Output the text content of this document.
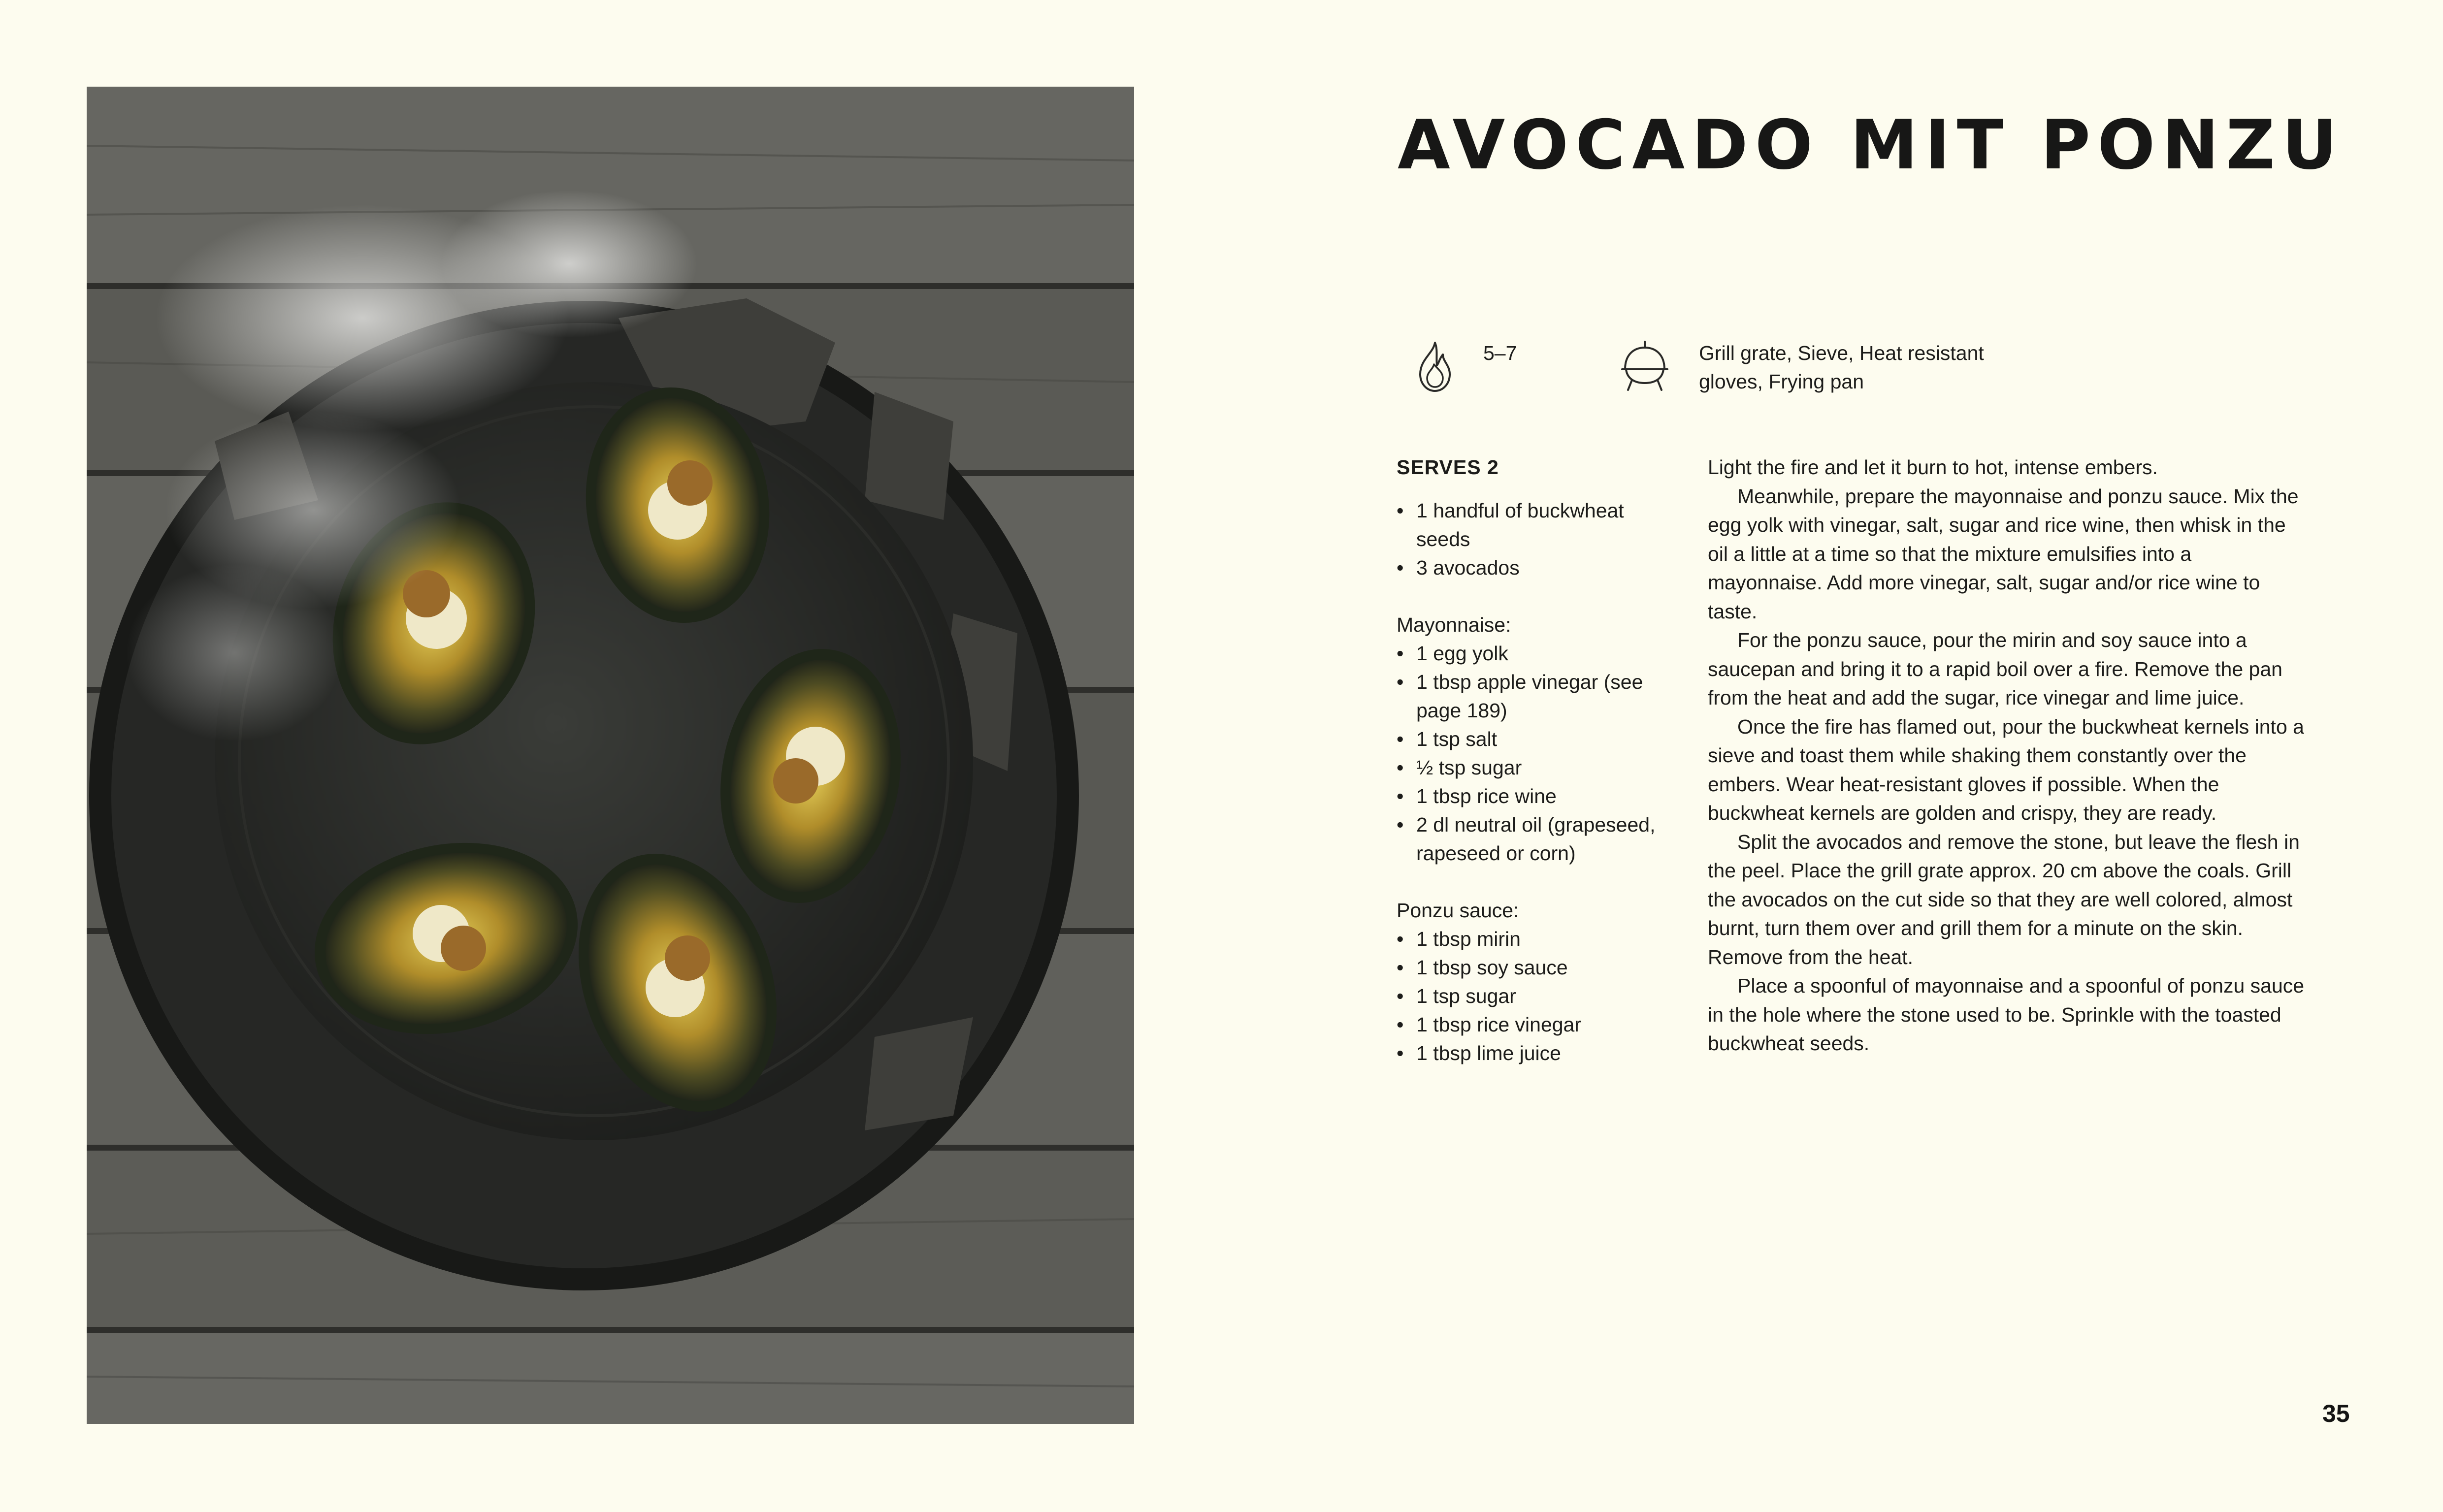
AVOCADO MIT PONZU
5–7	Grill grate, Sieve, Heat resistant gloves, Frying pan

SERVES 2

• 1 handful of buckwheat seeds
• 3 avocados

Mayonnaise:

• 1 egg yolk
• 1 tbsp apple vinegar (see page 189)
• 1 tsp salt
• ½ tsp sugar
• 1 tbsp rice wine
• 2 dl neutral oil (grapeseed, rapeseed or corn)

Ponzu sauce:

• 1 tbsp mirin
• 1 tbsp soy sauce
• 1 tsp sugar
• 1 tbsp rice vinegar
• 1 tbsp lime juice

Light the fire and let it burn to hot, intense embers.

Meanwhile, prepare the mayonnaise and ponzu sauce. Mix the egg yolk with vinegar, salt, sugar and rice wine, then whisk in the oil a little at a time so that the mixture emulsifies into a mayonnaise. Add more vinegar, salt, sugar and/or rice wine to taste.

For the ponzu sauce, pour the mirin and soy sauce into a saucepan and bring it to a rapid boil over a fire. Remove the pan from the heat and add the sugar, rice vinegar and lime juice.

Once the fire has flamed out, pour the buckwheat kernels into a sieve and toast them while shaking them constantly over the embers. Wear heat-resistant gloves if possible. When the buckwheat kernels are golden and crispy, they are ready.

Split the avocados and remove the stone, but leave the flesh in the peel. Place the grill grate approx. 20 cm above the coals. Grill the avocados on the cut side so that they are well colored, almost burnt, turn them over and grill them for a minute on the skin. Remove from the heat.

Place a spoonful of mayonnaise and a spoonful of ponzu sauce in the hole where the stone used to be. Sprinkle with the toasted buckwheat seeds.

35
